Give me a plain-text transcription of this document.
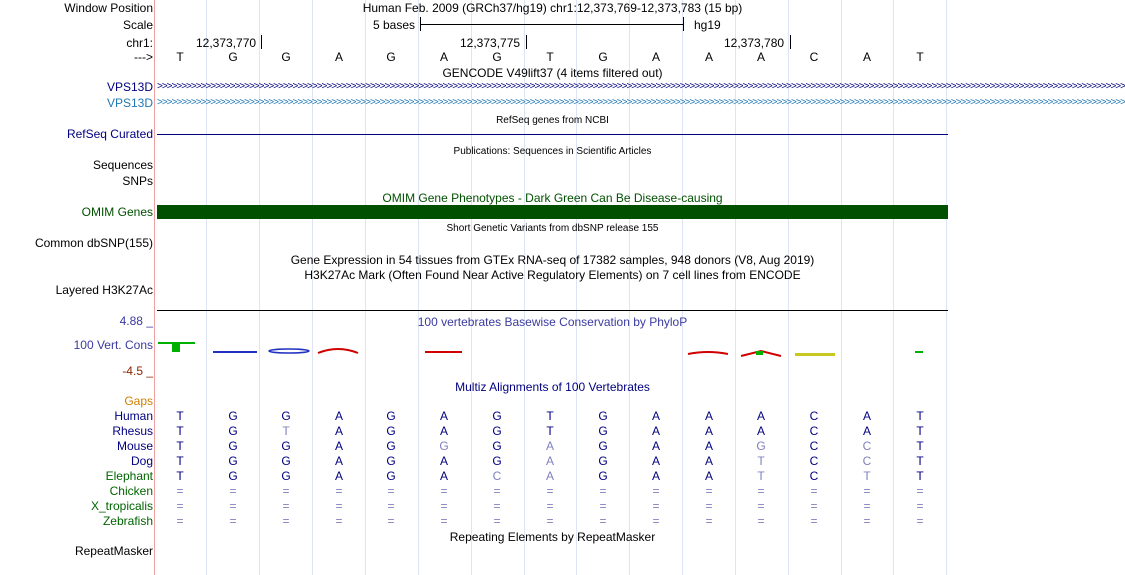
Window Position	Human Feb. 2009 (GRCh37/hg19) chr1:12,373,769-12,373,783 (15 bp)
Scale	5 bases	hg19
chr1:	12,373,770	12,373,775	12,373,780
--->	T	G	G	A	G	A	G	T	G	A	A	A	C	A	T
GENCODE V49lift37 (4 items filtered out)
VPS13D >>>>>>>>>>>>>>>>>>>>>>>>>>>>>>>>>>>>>>>>>>>>>>>>>>>>>>>>>>>>>>>>>>>>>>>>>>>>>>>>>>>>>>>>>>>>>>>>>>>>>>>>>>>>>>>>>>>>>>>>>>>>>>>>>>>>>>>>>>>>>>>>>>>>>>>>>>>>>>>>>>>>>>>>>>>>>>>>>>>>>>>>>>>>>>>>>>>>>>>>
VPS13D >>>>>>>>>>>>>>>>>>>>>>>>>>>>>>>>>>>>>>>>>>>>>>>>>>>>>>>>>>>>>>>>>>>>>>>>>>>>>>>>>>>>>>>>>>>>>>>>>>>>>>>>>>>>>>>>>>>>>>>>>>>>>>>>>>>>>>>>>>>>>>>>>>>>>>>>>>>>>>>>>>>>>>>>>>>>>>>>>>>>>>>>>>>>>>>>>>>>>>>>
RefSeq genes from NCBI
RefSeq Curated
Publications: Sequences in Scientific Articles
Sequences
SNPs
OMIM Gene Phenotypes - Dark Green Can Be Disease-causing
OMIM Genes
Short Genetic Variants from dbSNP release 155
Common dbSNP(155)
Gene Expression in 54 tissues from GTEx RNA-seq of 17382 samples, 948 donors (V8, Aug 2019)
H3K27Ac Mark (Often Found Near Active Regulatory Elements) on 7 cell lines from ENCODE
Layered H3K27Ac
100 vertebrates Basewise Conservation by PhyloP
4.88 _
100 Vert. Cons
-4.5 _
Multiz Alignments of 100 Vertebrates
Gaps
Human	T	G	G	A	G	A	G	T	G	A	A	A	C	A	T
Rhesus	T	G	T	A	G	A	G	T	G	A	A	A	C	A	T
Mouse	T	G	G	A	G	G	G	A	G	A	A	G	C	C	T
Dog	T	G	G	A	G	A	G	A	G	A	A	T	C	C	T
Elephant	T	G	G	A	G	A	C	A	G	A	A	T	C	T	T
Chicken	=	=	=	=	=	=	=	=	=	=	=	=	=	=	=
X_tropicalis	=	=	=	=	=	=	=	=	=	=	=	=	=	=	=
Zebrafish	=	=	=	=	=	=	=	=	=	=	=	=	=	=	=
Repeating Elements by RepeatMasker
RepeatMasker
